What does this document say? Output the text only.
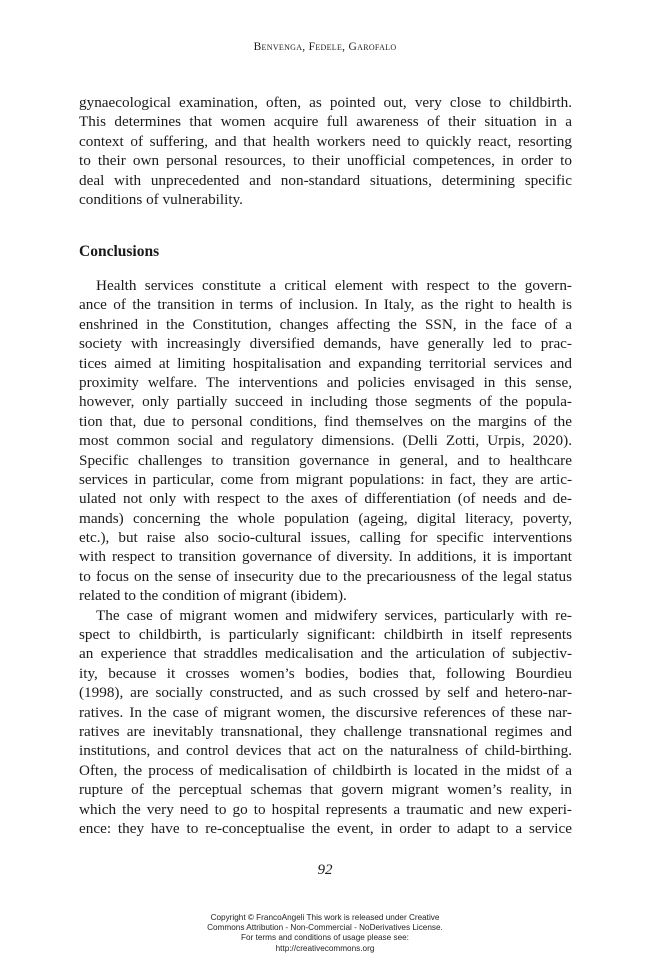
Benvenga, Fedele, Garofalo
gynaecological examination, often, as pointed out, very close to childbirth.
This determines that women acquire full awareness of their situation in a
context of suffering, and that health workers need to quickly react, resorting
to their own personal resources, to their unofficial competences, in order to
deal with unprecedented and non-standard situations, determining specific
conditions of vulnerability.
Conclusions
Health services constitute a critical element with respect to the govern-
ance of the transition in terms of inclusion. In Italy, as the right to health is
enshrined in the Constitution, changes affecting the SSN, in the face of a
society with increasingly diversified demands, have generally led to prac-
tices aimed at limiting hospitalisation and expanding territorial services and
proximity welfare. The interventions and policies envisaged in this sense,
however, only partially succeed in including those segments of the popula-
tion that, due to personal conditions, find themselves on the margins of the
most common social and regulatory dimensions. (Delli Zotti, Urpis, 2020).
Specific challenges to transition governance in general, and to healthcare
services in particular, come from migrant populations: in fact, they are artic-
ulated not only with respect to the axes of differentiation (of needs and de-
mands) concerning the whole population (ageing, digital literacy, poverty,
etc.), but raise also socio-cultural issues, calling for specific interventions
with respect to transition governance of diversity. In additions, it is important
to focus on the sense of insecurity due to the precariousness of the legal status
related to the condition of migrant (ibidem).
The case of migrant women and midwifery services, particularly with re-
spect to childbirth, is particularly significant: childbirth in itself represents
an experience that straddles medicalisation and the articulation of subjectiv-
ity, because it crosses women’s bodies, bodies that, following Bourdieu
(1998), are socially constructed, and as such crossed by self and hetero-nar-
ratives. In the case of migrant women, the discursive references of these nar-
ratives are inevitably transnational, they challenge transnational regimes and
institutions, and control devices that act on the naturalness of child-birthing.
Often, the process of medicalisation of childbirth is located in the midst of a
rupture of the perceptual schemas that govern migrant women’s reality, in
which the very need to go to hospital represents a traumatic and new experi-
ence: they have to re-conceptualise the event, in order to adapt to a service
92
Copyright © FrancoAngeli This work is released under Creative
Commons Attribution - Non-Commercial - NoDerivatives License.
For terms and conditions of usage please see:
http://creativecommons.org
